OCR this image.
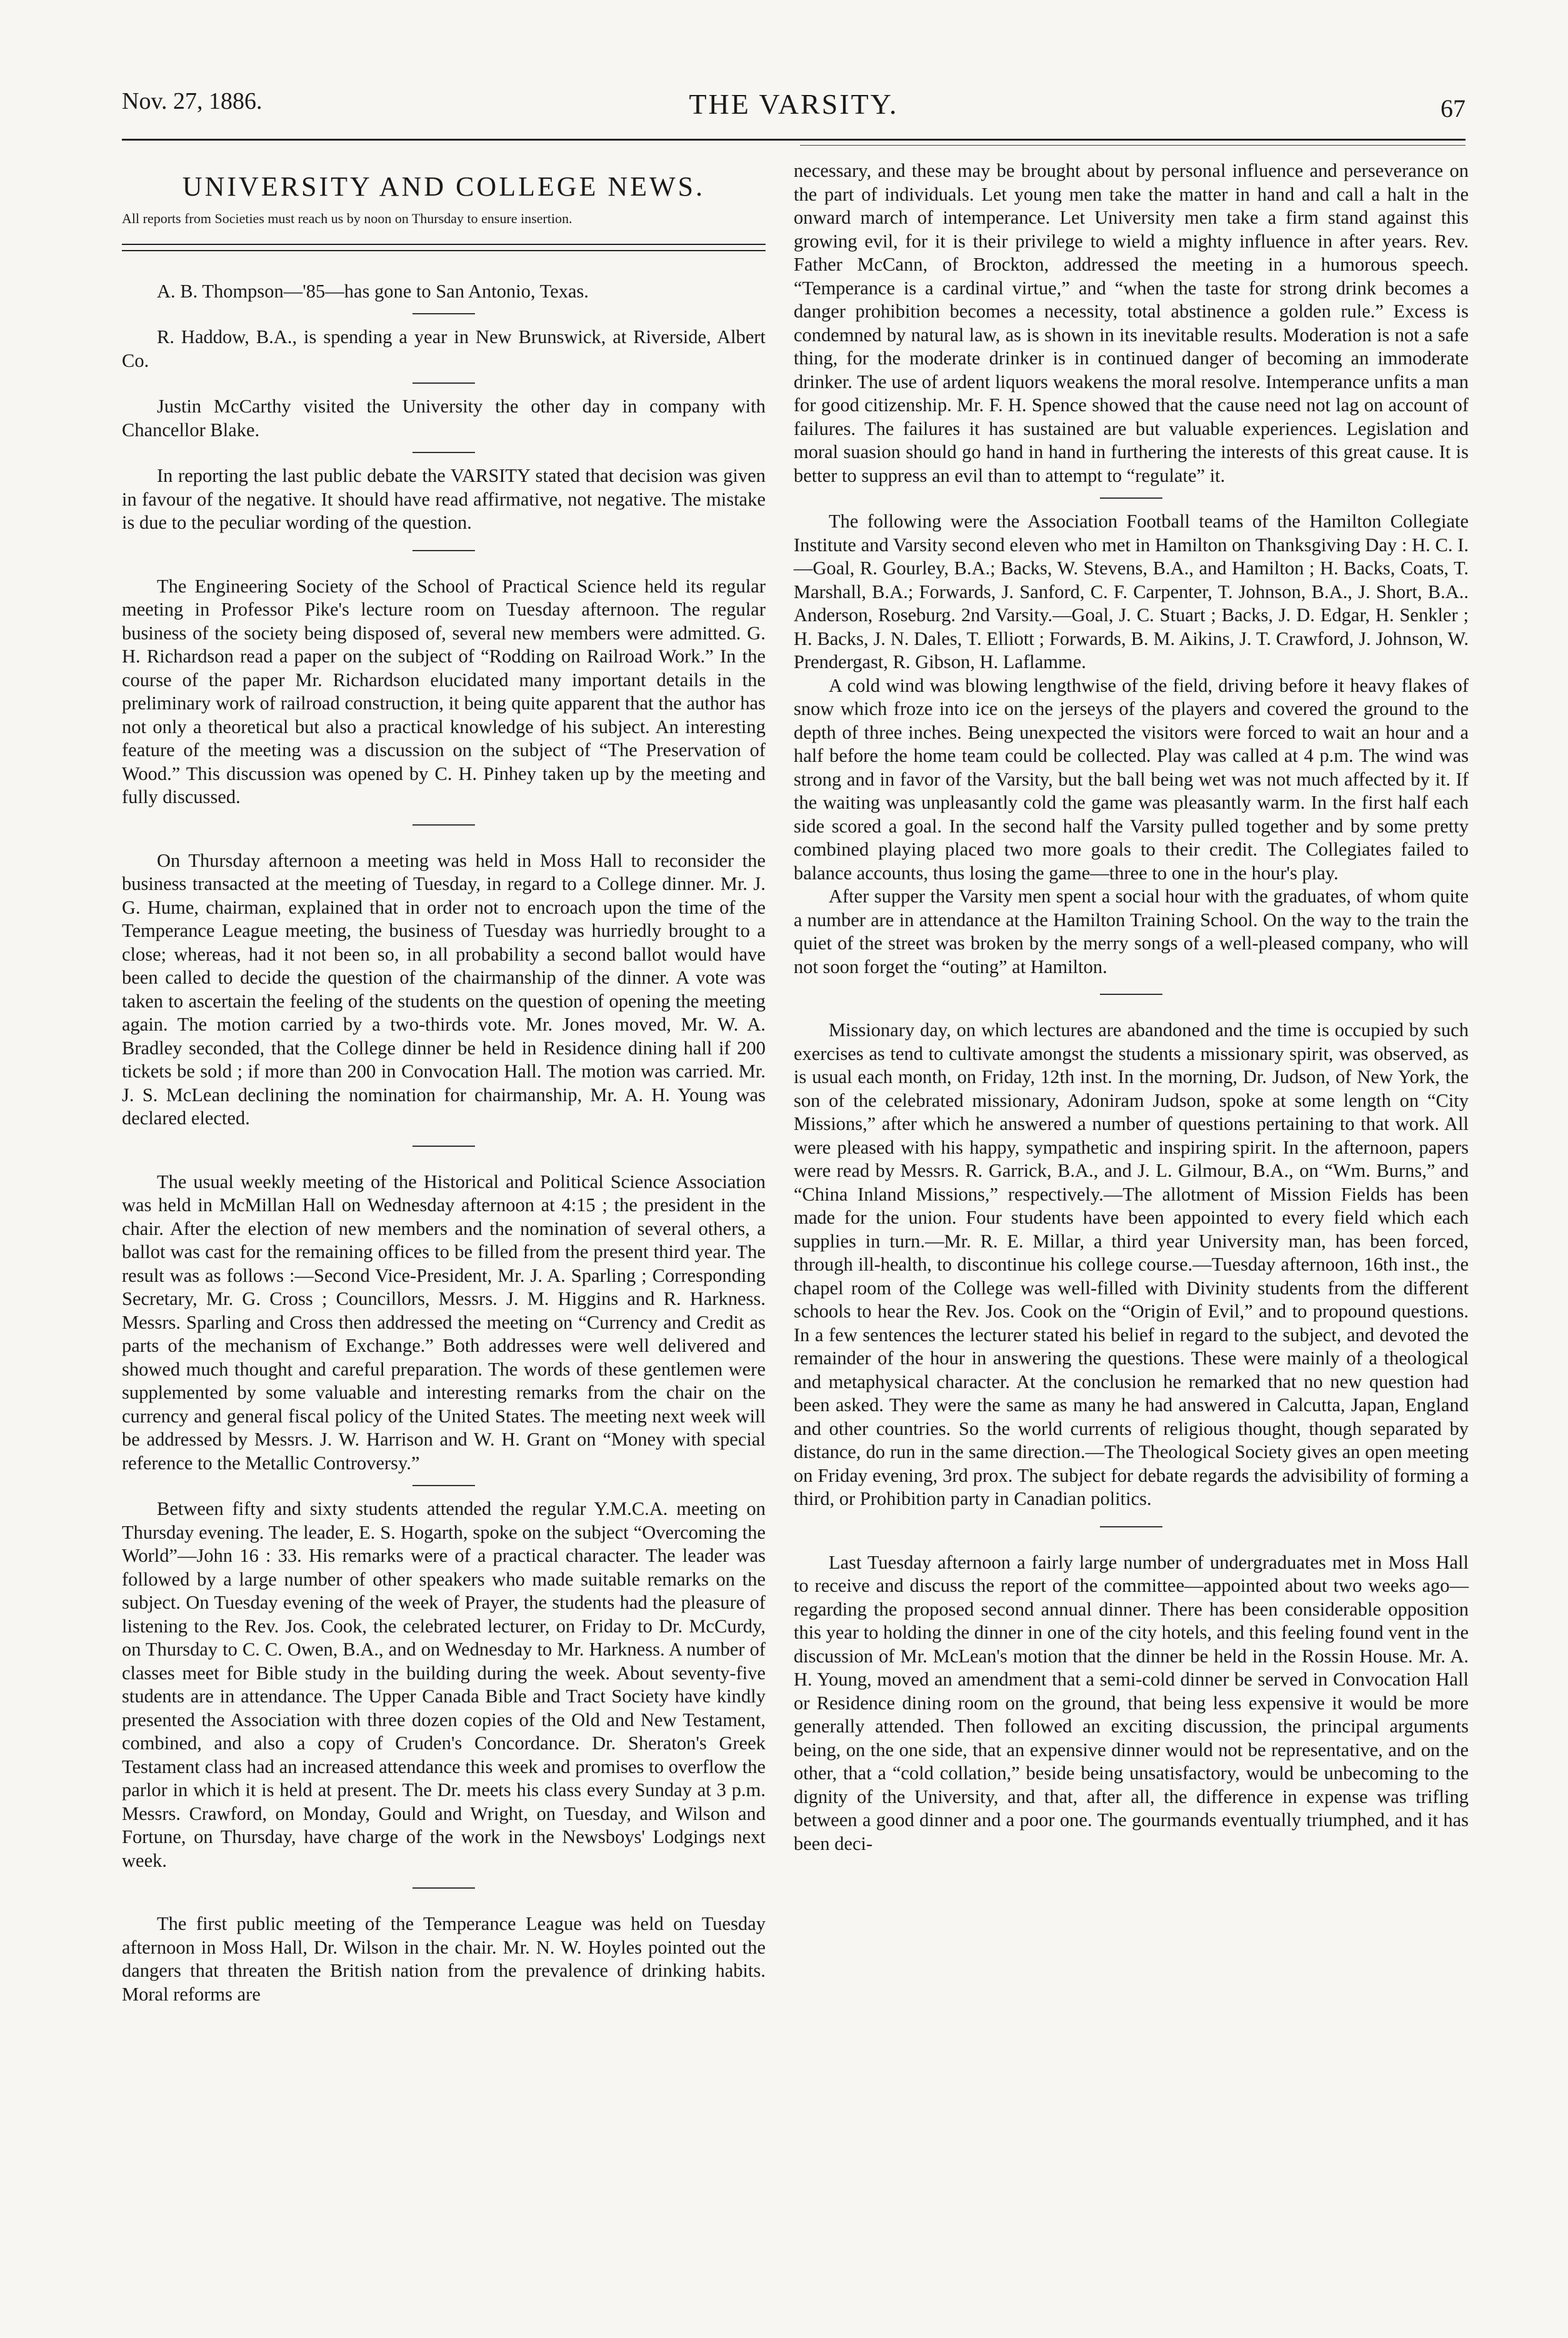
Nov. 27, 1886.	THE VARSITY.	67
UNIVERSITY AND COLLEGE NEWS.
All reports from Societies must reach us by noon on Thursday to ensure insertion.

A. B. Thompson—'85—has gone to San Antonio, Texas.

R. Haddow, B.A., is spending a year in New Brunswick, at Riverside, Albert Co.

Justin McCarthy visited the University the other day in company with Chancellor Blake.

In reporting the last public debate the VARSITY stated that decision was given in favour of the negative. It should have read affirmative, not negative. The mistake is due to the peculiar wording of the question.

The Engineering Society of the School of Practical Science held its regular meeting in Professor Pike's lecture room on Tuesday afternoon. The regular business of the society being disposed of, several new members were admitted. G. H. Richardson read a paper on the subject of “Rodding on Railroad Work.” In the course of the paper Mr. Richardson elucidated many important details in the preliminary work of railroad construction, it being quite apparent that the author has not only a theoretical but also a practical knowledge of his subject. An interesting feature of the meeting was a discussion on the subject of “The Preservation of Wood.” This discussion was opened by C. H. Pinhey taken up by the meeting and fully discussed.

On Thursday afternoon a meeting was held in Moss Hall to reconsider the business transacted at the meeting of Tuesday, in regard to a College dinner. Mr. J. G. Hume, chairman, explained that in order not to encroach upon the time of the Temperance League meeting, the business of Tuesday was hurriedly brought to a close; whereas, had it not been so, in all probability a second ballot would have been called to decide the question of the chairmanship of the dinner. A vote was taken to ascertain the feeling of the students on the question of opening the meeting again. The motion carried by a two-thirds vote. Mr. Jones moved, Mr. W. A. Bradley seconded, that the College dinner be held in Residence dining hall if 200 tickets be sold ; if more than 200 in Convocation Hall. The motion was carried. Mr. J. S. McLean declining the nomination for chairmanship, Mr. A. H. Young was declared elected.

The usual weekly meeting of the Historical and Political Science Association was held in McMillan Hall on Wednesday afternoon at 4:15 ; the president in the chair. After the election of new members and the nomination of several others, a ballot was cast for the remaining offices to be filled from the present third year. The result was as follows :—Second Vice-President, Mr. J. A. Sparling ; Corresponding Secretary, Mr. G. Cross ; Councillors, Messrs. J. M. Higgins and R. Harkness. Messrs. Sparling and Cross then addressed the meeting on “Currency and Credit as parts of the mechanism of Exchange.” Both addresses were well delivered and showed much thought and careful preparation. The words of these gentlemen were supplemented by some valuable and interesting remarks from the chair on the currency and general fiscal policy of the United States. The meeting next week will be addressed by Messrs. J. W. Harrison and W. H. Grant on “Money with special reference to the Metallic Controversy.”

Between fifty and sixty students attended the regular Y.M.C.A. meeting on Thursday evening. The leader, E. S. Hogarth, spoke on the subject “Overcoming the World”—John 16 : 33. His remarks were of a practical character. The leader was followed by a large number of other speakers who made suitable remarks on the subject. On Tuesday evening of the week of Prayer, the students had the pleasure of listening to the Rev. Jos. Cook, the celebrated lecturer, on Friday to Dr. McCurdy, on Thursday to C. C. Owen, B.A., and on Wednesday to Mr. Harkness. A number of classes meet for Bible study in the building during the week. About seventy-five students are in attendance. The Upper Canada Bible and Tract Society have kindly presented the Association with three dozen copies of the Old and New Testament, combined, and also a copy of Cruden's Concordance. Dr. Sheraton's Greek Testament class had an increased attendance this week and promises to overflow the parlor in which it is held at present. The Dr. meets his class every Sunday at 3 p.m. Messrs. Crawford, on Monday, Gould and Wright, on Tuesday, and Wilson and Fortune, on Thursday, have charge of the work in the Newsboys' Lodgings next week.

The first public meeting of the Temperance League was held on Tuesday afternoon in Moss Hall, Dr. Wilson in the chair. Mr. N. W. Hoyles pointed out the dangers that threaten the British nation from the prevalence of drinking habits. Moral reforms are

necessary, and these may be brought about by personal influence and perseverance on the part of individuals. Let young men take the matter in hand and call a halt in the onward march of intemperance. Let University men take a firm stand against this growing evil, for it is their privilege to wield a mighty influence in after years. Rev. Father McCann, of Brockton, addressed the meeting in a humorous speech. “Temperance is a cardinal virtue,” and “when the taste for strong drink becomes a danger prohibition becomes a necessity, total abstinence a golden rule.” Excess is condemned by natural law, as is shown in its inevitable results. Moderation is not a safe thing, for the moderate drinker is in continued danger of becoming an immoderate drinker. The use of ardent liquors weakens the moral resolve. Intemperance unfits a man for good citizenship. Mr. F. H. Spence showed that the cause need not lag on account of failures. The failures it has sustained are but valuable experiences. Legislation and moral suasion should go hand in hand in furthering the interests of this great cause. It is better to suppress an evil than to attempt to “regulate” it.

The following were the Association Football teams of the Hamilton Collegiate Institute and Varsity second eleven who met in Hamilton on Thanksgiving Day : H. C. I.—Goal, R. Gourley, B.A.; Backs, W. Stevens, B.A., and Hamilton ; H. Backs, Coats, T. Marshall, B.A.; Forwards, J. Sanford, C. F. Carpenter, T. Johnson, B.A., J. Short, B.A.. Anderson, Roseburg. 2nd Varsity.—Goal, J. C. Stuart ; Backs, J. D. Edgar, H. Senkler ; H. Backs, J. N. Dales, T. Elliott ; Forwards, B. M. Aikins, J. T. Crawford, J. Johnson, W. Prendergast, R. Gibson, H. Laflamme.

A cold wind was blowing lengthwise of the field, driving before it heavy flakes of snow which froze into ice on the jerseys of the players and covered the ground to the depth of three inches. Being unexpected the visitors were forced to wait an hour and a half before the home team could be collected. Play was called at 4 p.m. The wind was strong and in favor of the Varsity, but the ball being wet was not much affected by it. If the waiting was unpleasantly cold the game was pleasantly warm. In the first half each side scored a goal. In the second half the Varsity pulled together and by some pretty combined playing placed two more goals to their credit. The Collegiates failed to balance accounts, thus losing the game—three to one in the hour's play.

After supper the Varsity men spent a social hour with the graduates, of whom quite a number are in attendance at the Hamilton Training School. On the way to the train the quiet of the street was broken by the merry songs of a well-pleased company, who will not soon forget the “outing” at Hamilton.

Missionary day, on which lectures are abandoned and the time is occupied by such exercises as tend to cultivate amongst the students a missionary spirit, was observed, as is usual each month, on Friday, 12th inst. In the morning, Dr. Judson, of New York, the son of the celebrated missionary, Adoniram Judson, spoke at some length on “City Missions,” after which he answered a number of questions pertaining to that work. All were pleased with his happy, sympathetic and inspiring spirit. In the afternoon, papers were read by Messrs. R. Garrick, B.A., and J. L. Gilmour, B.A., on “Wm. Burns,” and “China Inland Missions,” respectively.—The allotment of Mission Fields has been made for the union. Four students have been appointed to every field which each supplies in turn.—Mr. R. E. Millar, a third year University man, has been forced, through ill-health, to discontinue his college course.—Tuesday afternoon, 16th inst., the chapel room of the College was well-filled with Divinity students from the different schools to hear the Rev. Jos. Cook on the “Origin of Evil,” and to propound questions. In a few sentences the lecturer stated his belief in regard to the subject, and devoted the remainder of the hour in answering the questions. These were mainly of a theological and metaphysical character. At the conclusion he remarked that no new question had been asked. They were the same as many he had answered in Calcutta, Japan, England and other countries. So the world currents of religious thought, though separated by distance, do run in the same direction.—The Theological Society gives an open meeting on Friday evening, 3rd prox. The subject for debate regards the advisibility of forming a third, or Prohibition party in Canadian politics.

Last Tuesday afternoon a fairly large number of undergraduates met in Moss Hall to receive and discuss the report of the committee—appointed about two weeks ago—regarding the proposed second annual dinner. There has been considerable opposition this year to holding the dinner in one of the city hotels, and this feeling found vent in the discussion of Mr. McLean's motion that the dinner be held in the Rossin House. Mr. A. H. Young, moved an amendment that a semi-cold dinner be served in Convocation Hall or Residence dining room on the ground, that being less expensive it would be more generally attended. Then followed an exciting discussion, the principal arguments being, on the one side, that an expensive dinner would not be representative, and on the other, that a “cold collation,” beside being unsatisfactory, would be unbecoming to the dignity of the University, and that, after all, the difference in expense was trifling between a good dinner and a poor one. The gourmands eventually triumphed, and it has been deci-
